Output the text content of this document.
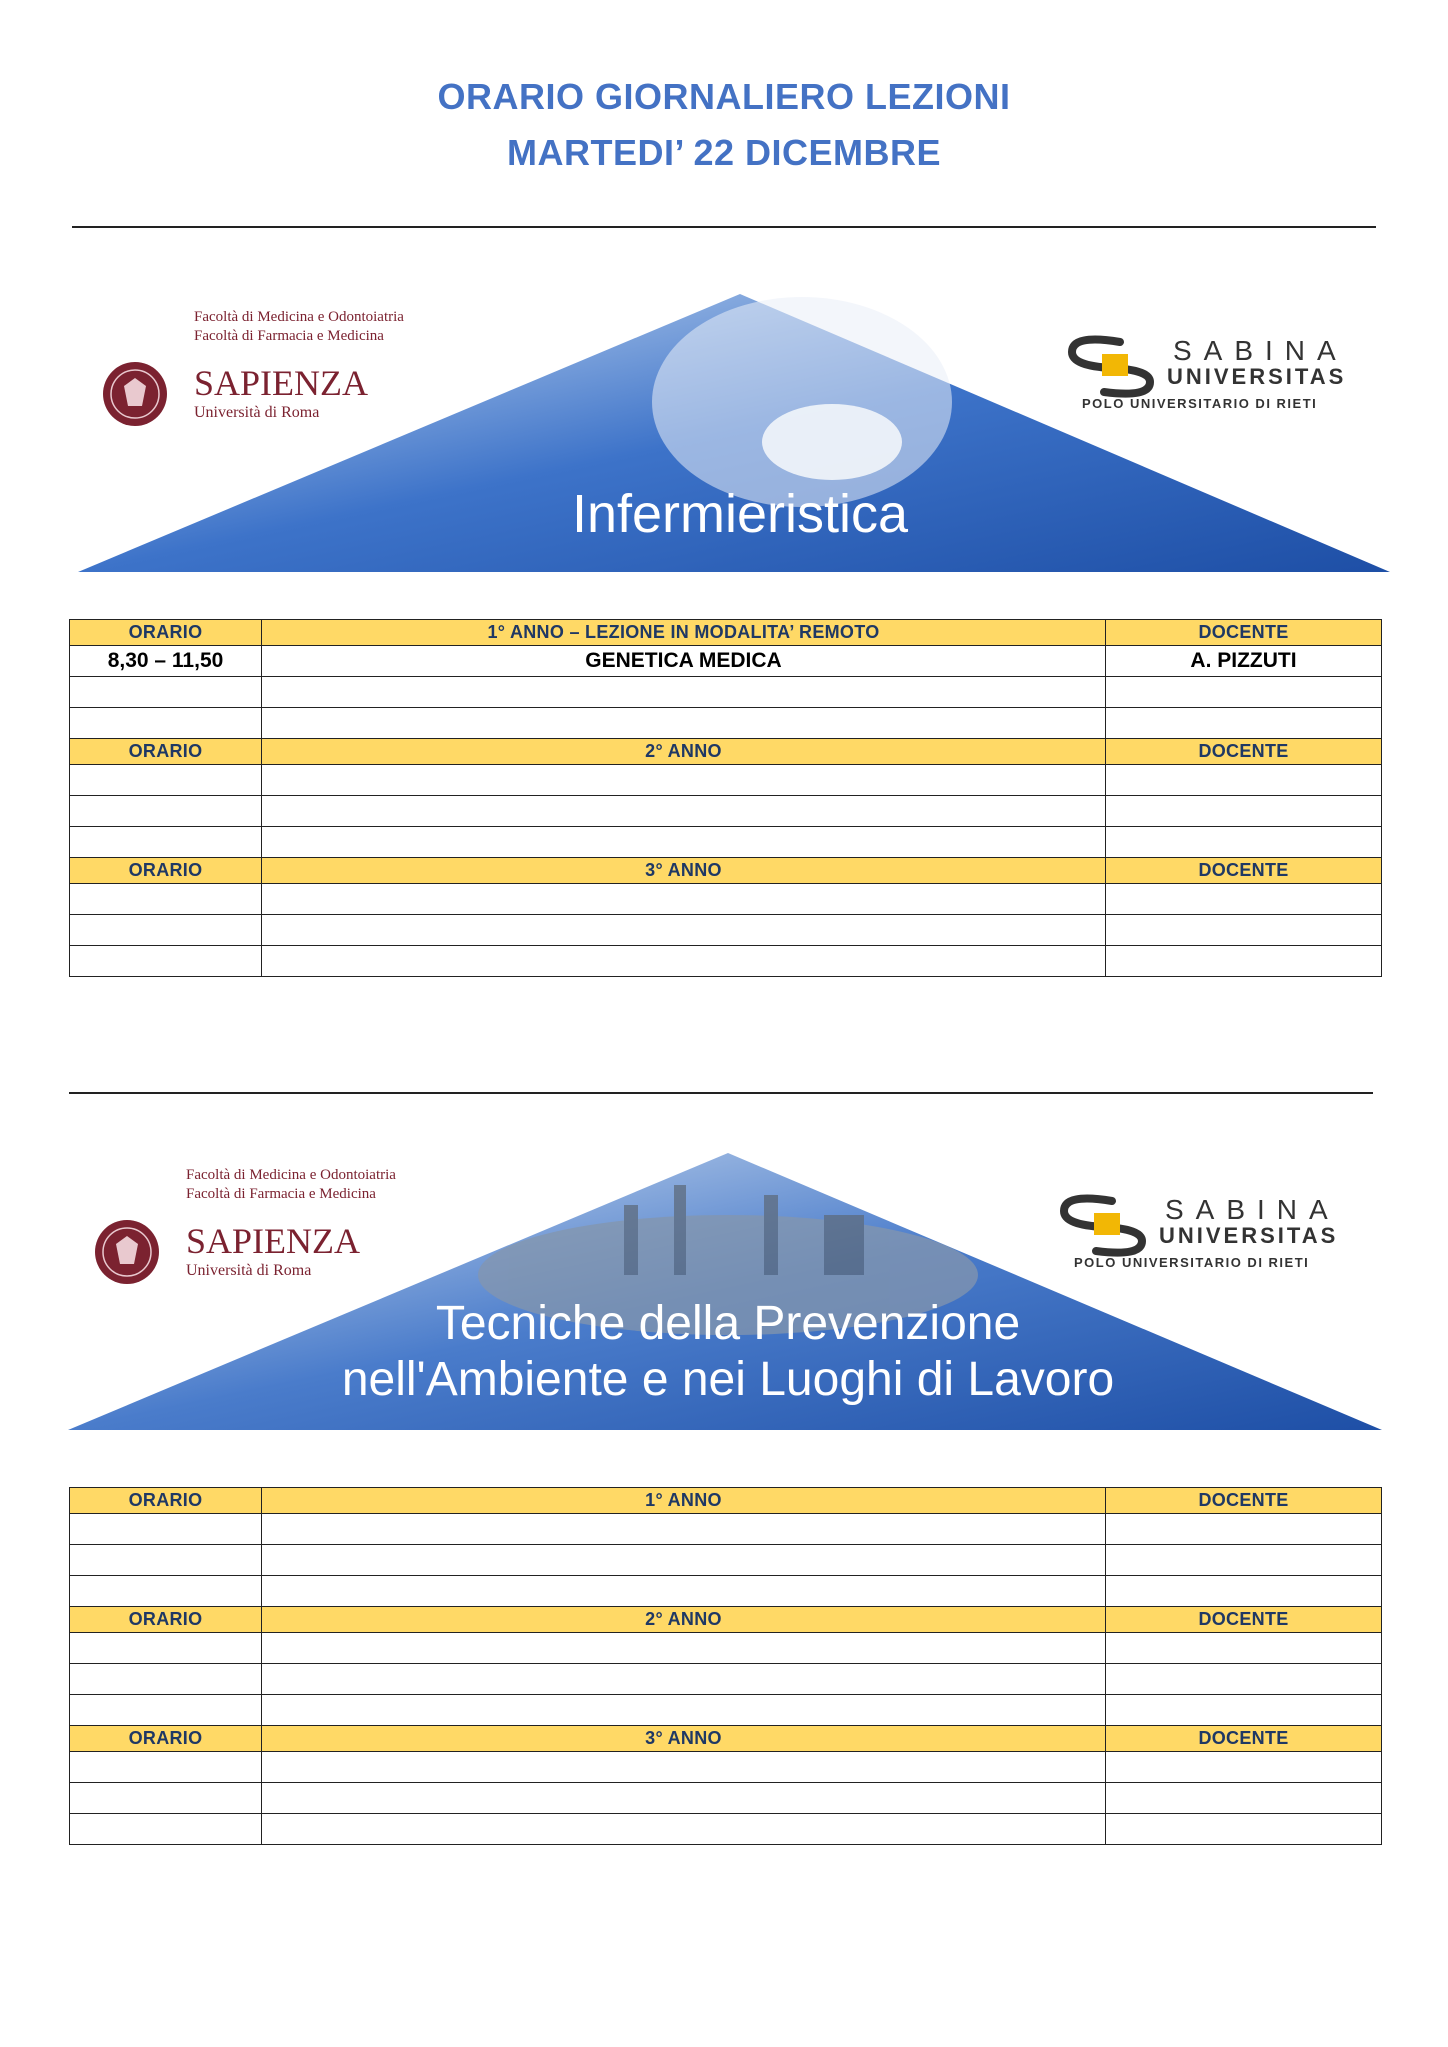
ORARIO GIORNALIERO LEZIONI
MARTEDI’ 22 DICEMBRE
Facoltà di Medicina e Odontoiatria
Facoltà di Farmacia e Medicina
SAPIENZA
Università di Roma
SABINA
UNIVERSITAS
POLO UNIVERSITARIO DI RIETI
Infermieristica
ORARIO	1° ANNO – LEZIONE IN MODALITA’ REMOTO	DOCENTE
8,30 – 11,50	GENETICA MEDICA	A. PIZZUTI

ORARIO	2° ANNO	DOCENTE

ORARIO	3° ANNO	DOCENTE

Facoltà di Medicina e Odontoiatria
Facoltà di Farmacia e Medicina
SAPIENZA
Università di Roma
SABINA
UNIVERSITAS
POLO UNIVERSITARIO DI RIETI
Tecniche della Prevenzione
nell'Ambiente e nei Luoghi di Lavoro
ORARIO	1° ANNO	DOCENTE

ORARIO	2° ANNO	DOCENTE

ORARIO	3° ANNO	DOCENTE
